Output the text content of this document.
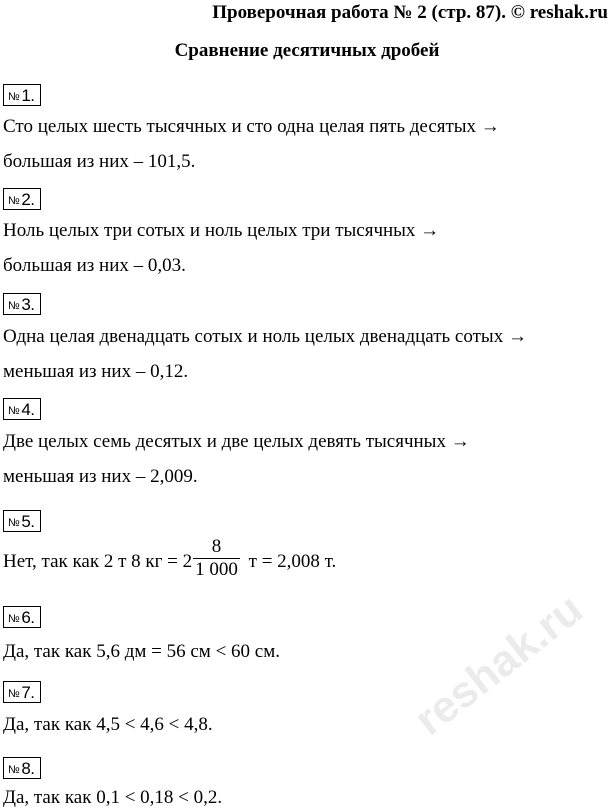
Проверочная работа № 2 (стр. 87). © reshak.ru
Сравнение десятичных дробей
№ 1.
Сто целых шесть тысячных и сто одна целая пять десятых →
большая из них – 101,5.
№ 2.
Ноль целых три сотых и ноль целых три тысячных →
большая из них – 0,03.
№ 3.
Одна целая двенадцать сотых и ноль целых двенадцать сотых →
меньшая из них – 0,12.
№ 4.
Две целых семь десятых и две целых девять тысячных →
меньшая из них – 2,009.
№ 5.
Нет, так как 2 т 8 кг = $2 \frac{8}{1 000}$ т = 2,008 т.
№ 6.
Да, так как 5,6 дм = 56 см < 60 см.
№ 7.
Да, так как 4,5 < 4,6 < 4,8.
№ 8.
Да, так как 0,1 < 0,18 < 0,2.
reshak.ru
